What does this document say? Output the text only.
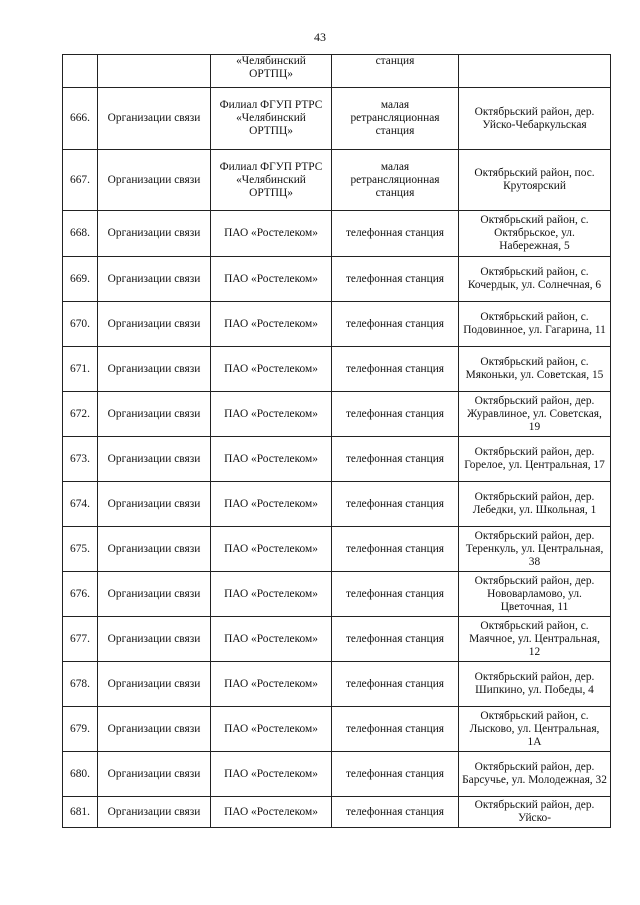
43
		«Челябинский ОРТПЦ»	станция	
666.	Организации связи	Филиал ФГУП РТРС «Челябинский ОРТПЦ»	малая ретрансляционная станция	Октябрьский район, дер. Уйско-Чебаркульская
667.	Организации связи	Филиал ФГУП РТРС «Челябинский ОРТПЦ»	малая ретрансляционная станция	Октябрьский район, пос. Крутоярский
668.	Организации связи	ПАО «Ростелеком»	телефонная станция	Октябрьский район, с. Октябрьское, ул. Набережная, 5
669.	Организации связи	ПАО «Ростелеком»	телефонная станция	Октябрьский район, с. Кочердык, ул. Солнечная, 6
670.	Организации связи	ПАО «Ростелеком»	телефонная станция	Октябрьский район, с. Подовинное, ул. Гагарина, 11
671.	Организации связи	ПАО «Ростелеком»	телефонная станция	Октябрьский район, с. Мяконьки, ул. Советская, 15
672.	Организации связи	ПАО «Ростелеком»	телефонная станция	Октябрьский район, дер. Журавлиное, ул. Советская, 19
673.	Организации связи	ПАО «Ростелеком»	телефонная станция	Октябрьский район, дер. Горелое, ул. Центральная, 17
674.	Организации связи	ПАО «Ростелеком»	телефонная станция	Октябрьский район, дер. Лебедки, ул. Школьная, 1
675.	Организации связи	ПАО «Ростелеком»	телефонная станция	Октябрьский район, дер. Теренкуль, ул. Центральная, 38
676.	Организации связи	ПАО «Ростелеком»	телефонная станция	Октябрьский район, дер. Нововарламово, ул. Цветочная, 11
677.	Организации связи	ПАО «Ростелеком»	телефонная станция	Октябрьский район, с. Маячное, ул. Центральная, 12
678.	Организации связи	ПАО «Ростелеком»	телефонная станция	Октябрьский район, дер. Шипкино, ул. Победы, 4
679.	Организации связи	ПАО «Ростелеком»	телефонная станция	Октябрьский район, с. Лысково, ул. Центральная, 1А
680.	Организации связи	ПАО «Ростелеком»	телефонная станция	Октябрьский район, дер. Барсучье, ул. Молодежная, 32
681.	Организации связи	ПАО «Ростелеком»	телефонная станция	Октябрьский район, дер. Уйско-
